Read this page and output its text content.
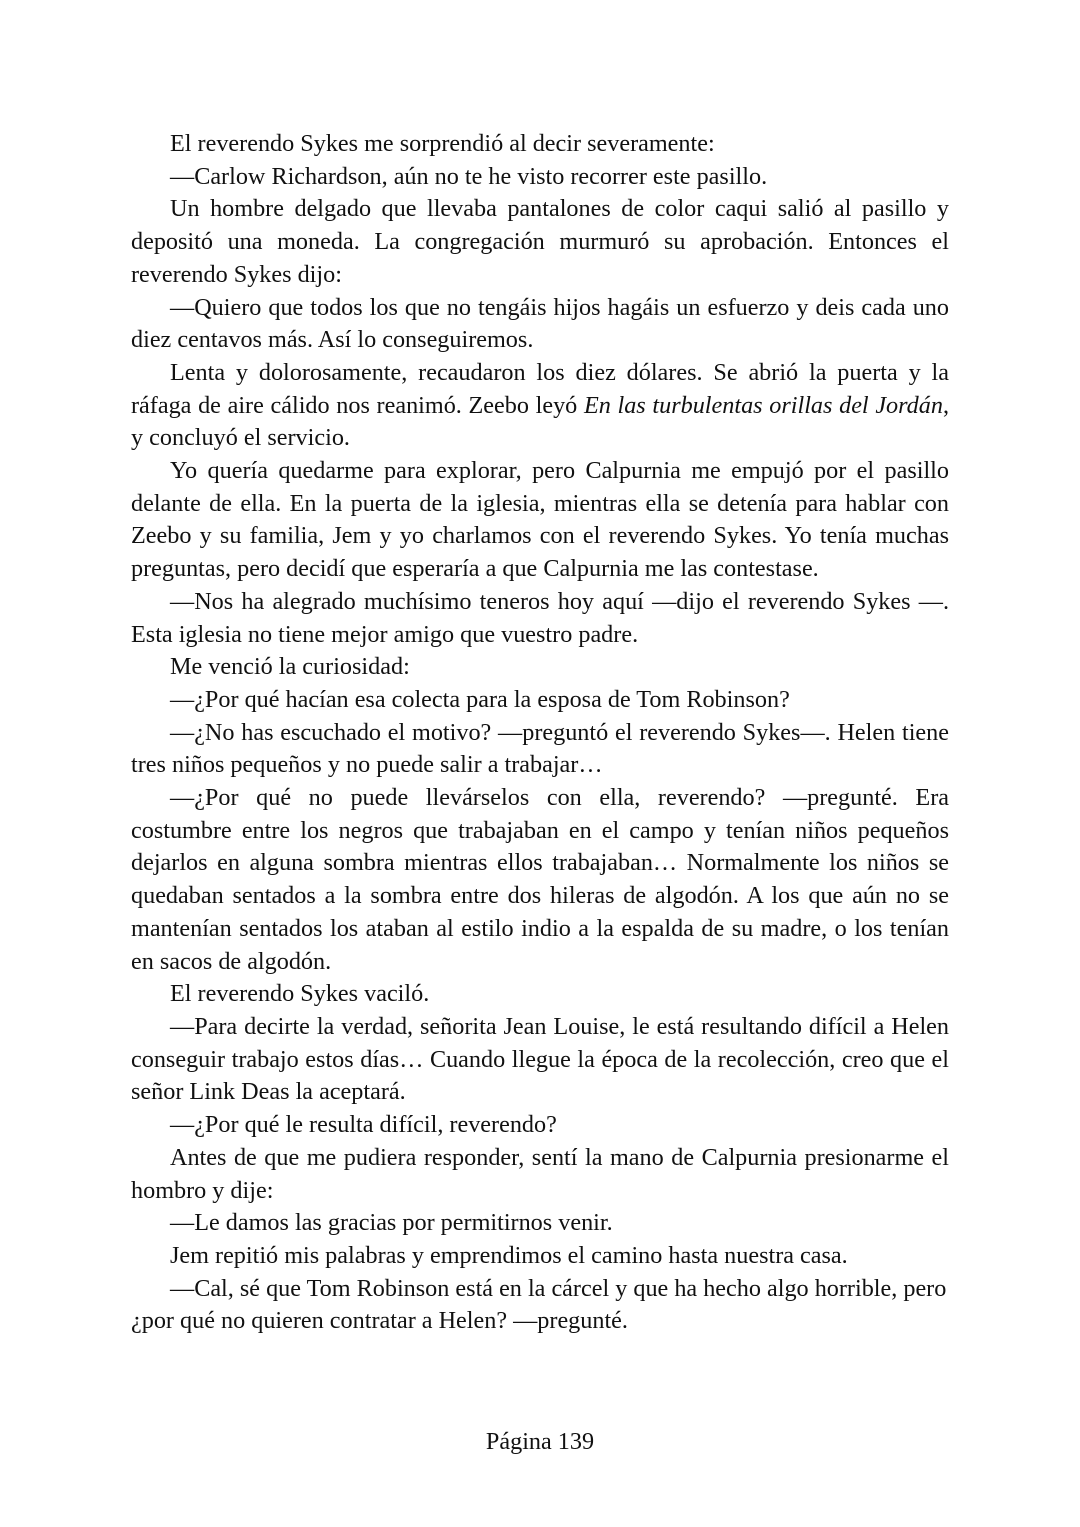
El reverendo Sykes me sorprendió al decir severamente:

—Carlow Richardson, aún no te he visto recorrer este pasillo.

Un hombre delgado que llevaba pantalones de color caqui salió al pasillo y depositó una moneda. La congregación murmuró su aprobación. Entonces el reverendo Sykes dijo:

—Quiero que todos los que no tengáis hijos hagáis un esfuerzo y deis cada uno diez centavos más. Así lo conseguiremos.

Lenta y dolorosamente, recaudaron los diez dólares. Se abrió la puerta y la ráfaga de aire cálido nos reanimó. Zeebo leyó En las turbulentas orillas del Jordán, y concluyó el servicio.

Yo quería quedarme para explorar, pero Calpurnia me empujó por el pasillo delante de ella. En la puerta de la iglesia, mientras ella se detenía para hablar con Zeebo y su familia, Jem y yo charlamos con el reverendo Sykes. Yo tenía muchas preguntas, pero decidí que esperaría a que Calpurnia me las contestase.

—Nos ha alegrado muchísimo teneros hoy aquí —dijo el reverendo Sykes —. Esta iglesia no tiene mejor amigo que vuestro padre.

Me venció la curiosidad:

—¿Por qué hacían esa colecta para la esposa de Tom Robinson?

—¿No has escuchado el motivo? —preguntó el reverendo Sykes—. Helen tiene tres niños pequeños y no puede salir a trabajar…

—¿Por qué no puede llevárselos con ella, reverendo? —pregunté. Era costumbre entre los negros que trabajaban en el campo y tenían niños pequeños dejarlos en alguna sombra mientras ellos trabajaban… Normalmente los niños se quedaban sentados a la sombra entre dos hileras de algodón. A los que aún no se mantenían sentados los ataban al estilo indio a la espalda de su madre, o los tenían en sacos de algodón.

El reverendo Sykes vaciló.

—Para decirte la verdad, señorita Jean Louise, le está resultando difícil a Helen conseguir trabajo estos días… Cuando llegue la época de la recolección, creo que el señor Link Deas la aceptará.

—¿Por qué le resulta difícil, reverendo?

Antes de que me pudiera responder, sentí la mano de Calpurnia presionarme el hombro y dije:

—Le damos las gracias por permitirnos venir.

Jem repitió mis palabras y emprendimos el camino hasta nuestra casa.

—Cal, sé que Tom Robinson está en la cárcel y que ha hecho algo horrible, pero ¿por qué no quieren contratar a Helen? —pregunté.

Página 139
